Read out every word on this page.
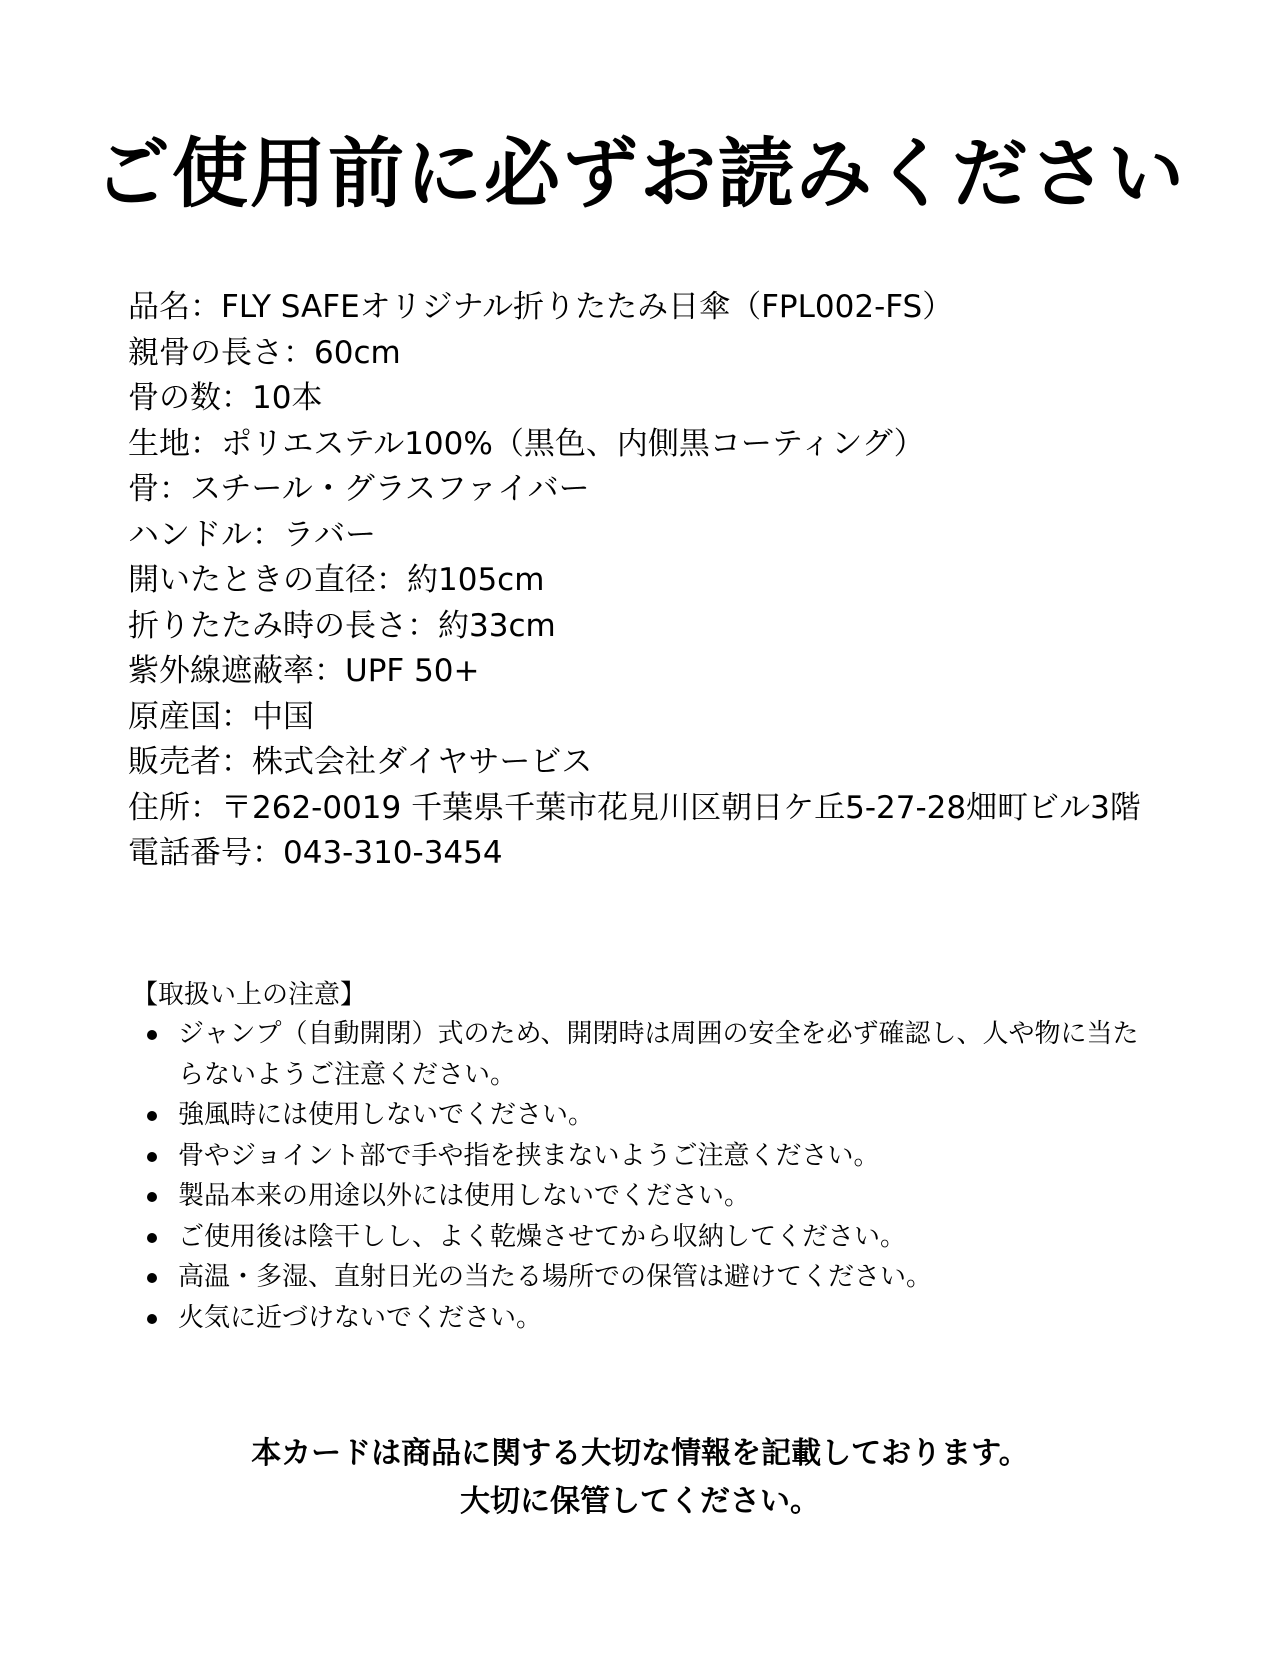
ご使用前に必ずお読みください
品名：FLY SAFEオリジナル折りたたみ日傘（FPL002-FS）
親骨の長さ：60cm
骨の数：10本
生地：ポリエステル100%（黒色、内側黒コーティング）
骨：スチール・グラスファイバー
ハンドル：ラバー
開いたときの直径：約105cm
折りたたみ時の長さ：約33cm
紫外線遮蔽率：UPF 50+
原産国：中国
販売者：株式会社ダイヤサービス
住所：〒262-0019 千葉県千葉市花見川区朝日ケ丘5-27-28畑町ビル3階
電話番号：043-310-3454
【取扱い上の注意】
ジャンプ（自動開閉）式のため、開閉時は周囲の安全を必ず確認し、人や物に当たらないようご注意ください。
強風時には使用しないでください。
骨やジョイント部で手や指を挟まないようご注意ください。
製品本来の用途以外には使用しないでください。
ご使用後は陰干しし、よく乾燥させてから収納してください。
高温・多湿、直射日光の当たる場所での保管は避けてください。
火気に近づけないでください。

本カードは商品に関する大切な情報を記載しております。
大切に保管してください。
